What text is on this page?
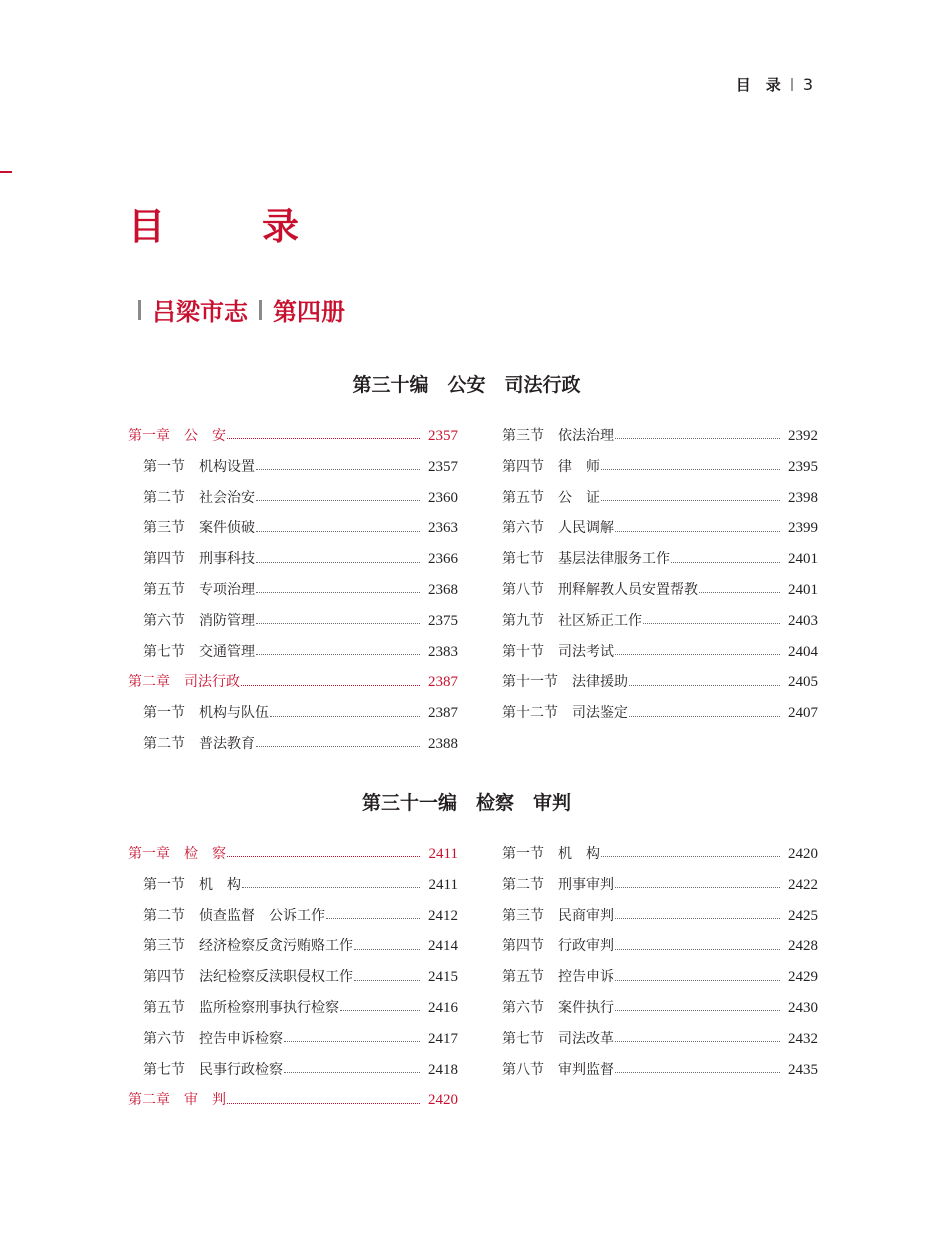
目　录 3
目　录
吕梁市志 第四册
第三十编　公安　司法行政
第一章　公　安	2357
第一节　机构设置	2357
第二节　社会治安	2360
第三节　案件侦破	2363
第四节　刑事科技	2366
第五节　专项治理	2368
第六节　消防管理	2375
第七节　交通管理	2383
第二章　司法行政	2387
第一节　机构与队伍	2387
第二节　普法教育	2388
第三节　依法治理	2392
第四节　律　师	2395
第五节　公　证	2398
第六节　人民调解	2399
第七节　基层法律服务工作	2401
第八节　刑释解教人员安置帮教	2401
第九节　社区矫正工作	2403
第十节　司法考试	2404
第十一节　法律援助	2405
第十二节　司法鉴定	2407
第三十一编　检察　审判
第一章　检　察	2411
第一节　机　构	2411
第二节　侦查监督　公诉工作	2412
第三节　经济检察反贪污贿赂工作	2414
第四节　法纪检察反渎职侵权工作	2415
第五节　监所检察刑事执行检察	2416
第六节　控告申诉检察	2417
第七节　民事行政检察	2418
第二章　审　判	2420
第一节　机　构	2420
第二节　刑事审判	2422
第三节　民商审判	2425
第四节　行政审判	2428
第五节　控告申诉	2429
第六节　案件执行	2430
第七节　司法改革	2432
第八节　审判监督	2435
